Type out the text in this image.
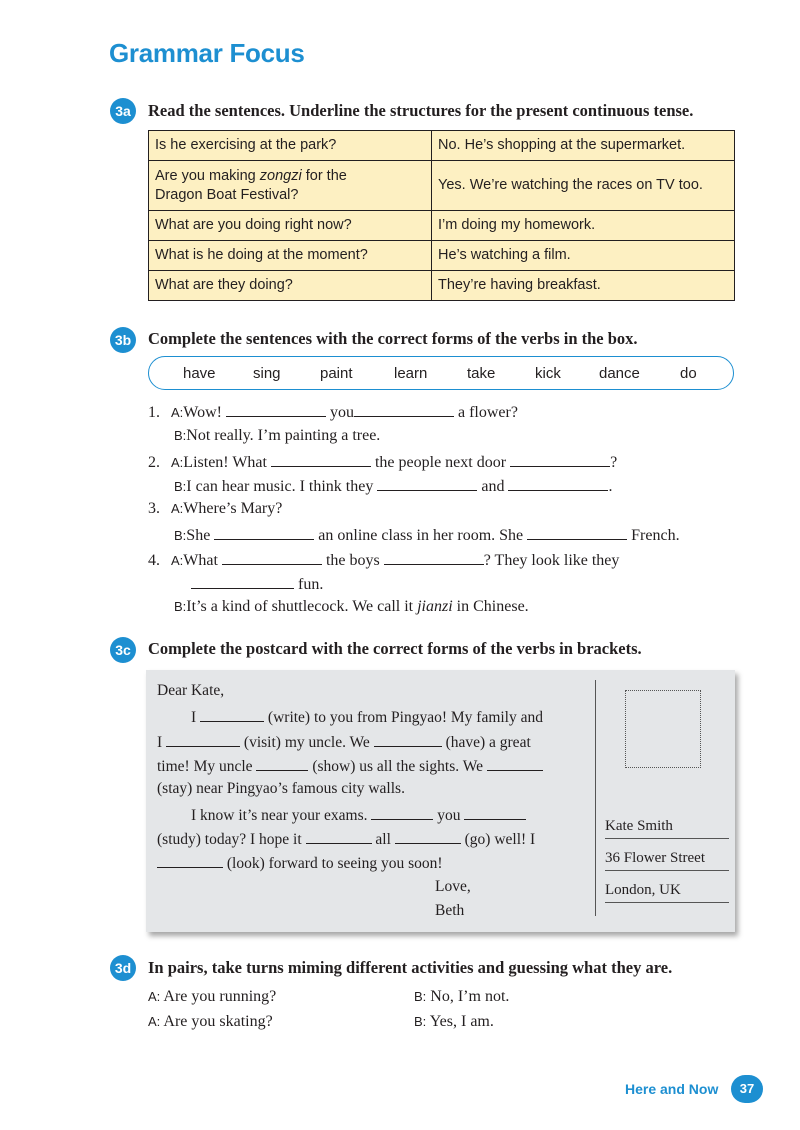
Grammar Focus
3a	Read the sentences. Underline the structures for the present continuous tense.
Is he exercising at the park?	No. He’s shopping at the supermarket.
Are you making zongzi for the
Dragon Boat Festival?	Yes. We’re watching the races on TV too.
What are you doing right now?	I’m doing my homework.
What is he doing at the moment?	He’s watching a film.
What are they doing?	They’re having breakfast.
3b Complete the sentences with the correct forms of the verbs in the box.
have sing	paint	learn	take	kick	dance	do
1. A:Wow!	you	a flower?
B:Not really. I’m painting a tree.
2. A:Listen! What	the people next door	?
B:I can hear music. I think they	and	.
3. A:Where’s Mary?
B:She	an online class in her room. She	French.
4. A:What	the boys	? They look like they
fun.
B:It’s a kind of shuttlecock. We call it jianzi in Chinese.
3c	Complete the postcard with the correct forms of the verbs in brackets.
Dear Kate,
I	(write) to you from Pingyao! My family and
I	(visit) my uncle. We	(have) a great
time! My uncle	(show) us all the sights. We
(stay) near Pingyao’s famous city walls.
I know it’s near your exams.	you
(study) today? I hope it	all	(go) well! I
(look) forward to seeing you soon!
Love,
Beth
Kate Smith
36 Flower Street
London, UK
3d In pairs, take turns miming different activities and guessing what they are.
A: Are you running?	B: No, I’m not.
A: Are you skating?	B: Yes, I am.
Here and Now	37
